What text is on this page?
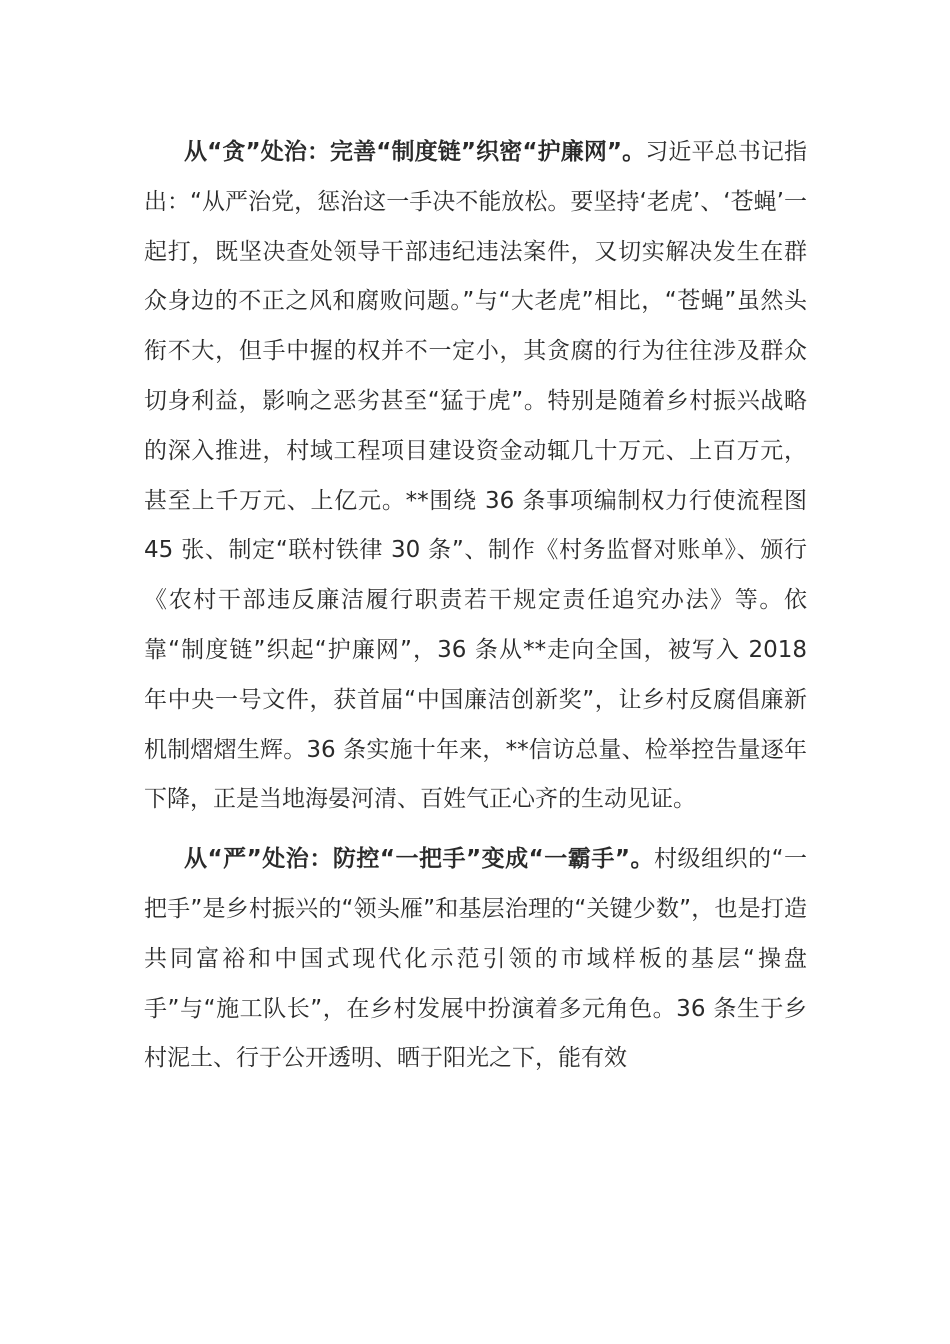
从“贪”处治：完善“制度链”织密“护廉网”。习近平总书记指出：“从严治党，惩治这一手决不能放松。要坚持‘老虎’、‘苍蝇’一起打，既坚决查处领导干部违纪违法案件，又切实解决发生在群众身边的不正之风和腐败问题。”与“大老虎”相比，“苍蝇”虽然头衔不大，但手中握的权并不一定小，其贪腐的行为往往涉及群众切身利益，影响之恶劣甚至“猛于虎”。特别是随着乡村振兴战略的深入推进，村域工程项目建设资金动辄几十万元、上百万元，甚至上千万元、上亿元。**围绕 36 条事项编制权力行使流程图 45 张、制定“联村铁律 30 条”、制作《村务监督对账单》、颁行《农村干部违反廉洁履行职责若干规定责任追究办法》等。依靠“制度链”织起“护廉网”，36 条从**走向全国，被写入 2018 年中央一号文件，获首届“中国廉洁创新奖”，让乡村反腐倡廉新机制熠熠生辉。36 条实施十年来，**信访总量、检举控告量逐年下降，正是当地海晏河清、百姓气正心齐的生动见证。

从“严”处治：防控“一把手”变成“一霸手”。村级组织的“一把手”是乡村振兴的“领头雁”和基层治理的“关键少数”，也是打造共同富裕和中国式现代化示范引领的市域样板的基层“操盘手”与“施工队长”，在乡村发展中扮演着多元角色。36 条生于乡村泥土、行于公开透明、晒于阳光之下，能有效
